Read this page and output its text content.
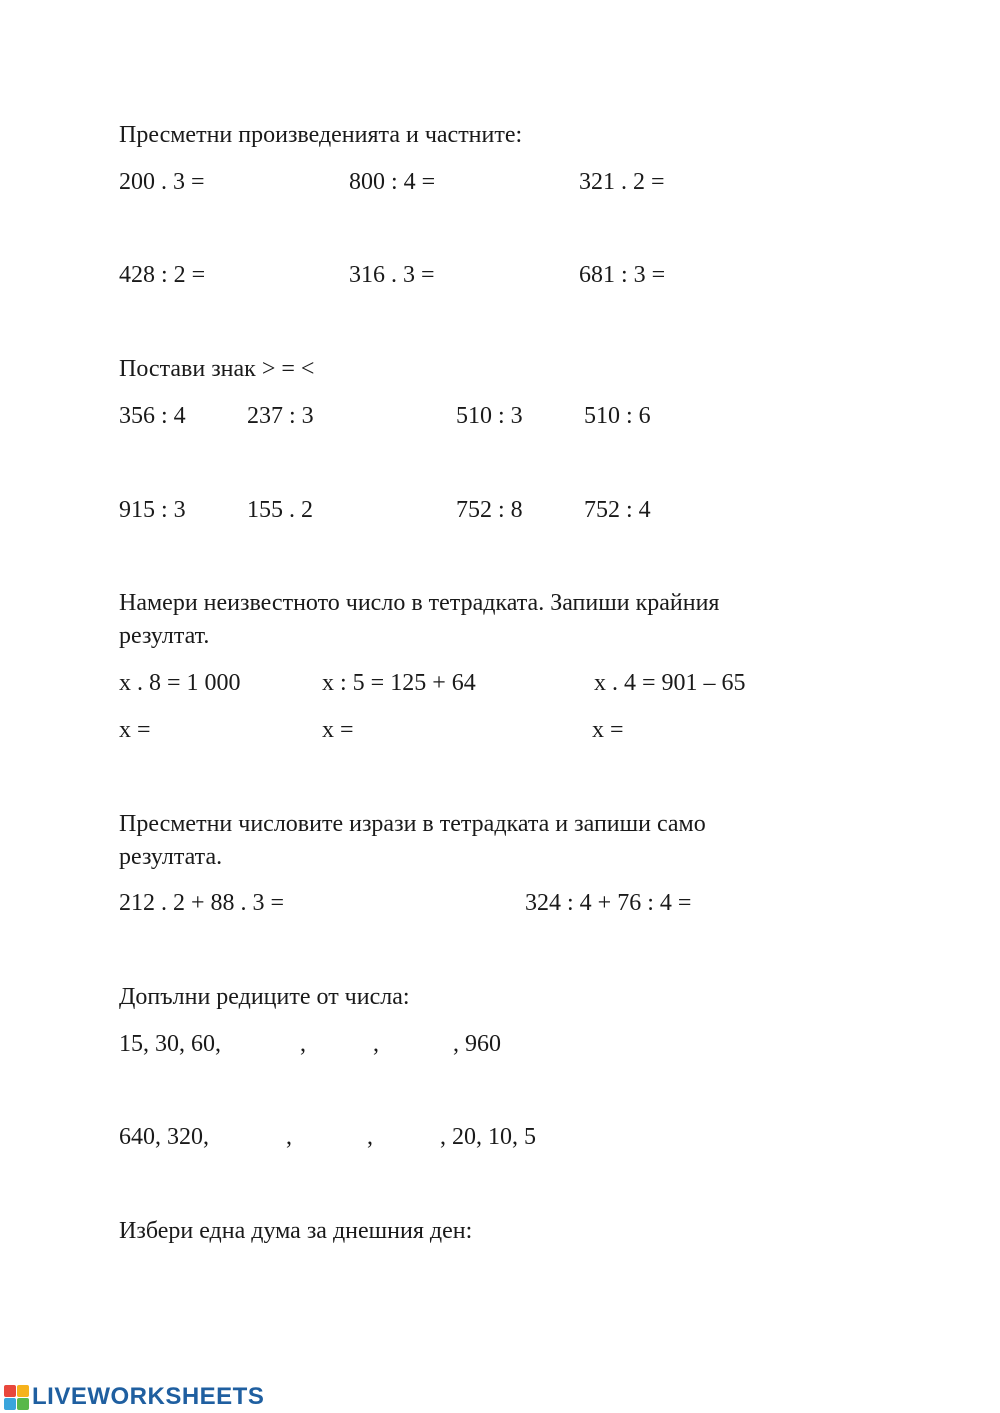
Пресметни произведенията и частните:
200 . 3 =	800 : 4 =	321 . 2 =
428 : 2 =	316 . 3 =	681 : 3 =
Постави знак > = <
356 : 4	237 : 3	510 : 3	510 : 6
915 : 3	155 . 2	752 : 8	752 : 4
Намери неизвестното число в тетрадката. Запиши крайния
резултат.
x . 8 = 1 000	x : 5 = 125 + 64	x . 4 = 901 – 65
x =	x =	x =
Пресметни числовите изрази в тетрадката и запиши само
резултата.
212 . 2 + 88 . 3 =	324 : 4 + 76 : 4 =
Допълни редиците от числа:
15, 30, 60,	,	,	, 960
640, 320,	,	,	, 20, 10, 5
Избери една дума за днешния ден:
LIVEWORKSHEETS
